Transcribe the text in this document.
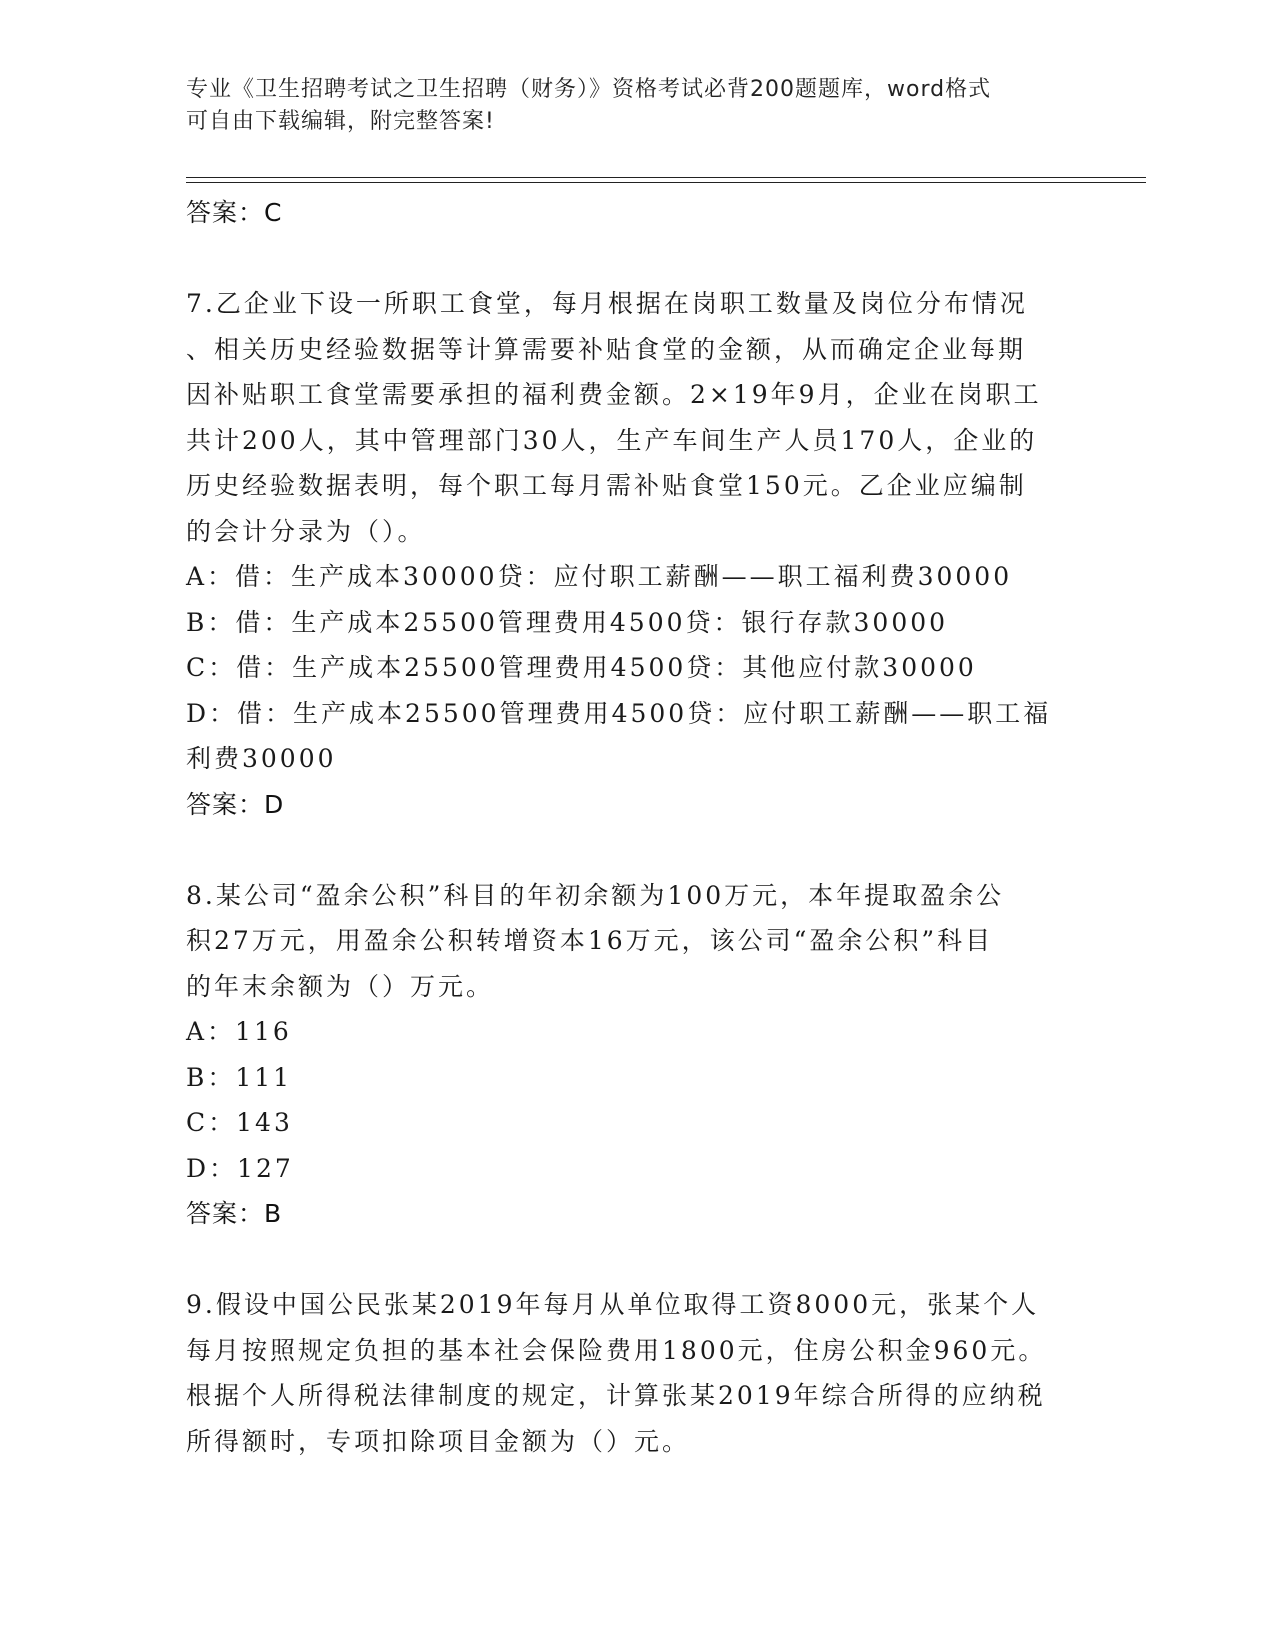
专业《卫生招聘考试之卫生招聘（财务）》资格考试必背200题题库，word格式
可自由下载编辑，附完整答案!
答案：C
7.乙企业下设一所职工食堂，每月根据在岗职工数量及岗位分布情况
、相关历史经验数据等计算需要补贴食堂的金额，从而确定企业每期
因补贴职工食堂需要承担的福利费金额。2×19年9月，企业在岗职工
共计200人，其中管理部门30人，生产车间生产人员170人，企业的
历史经验数据表明，每个职工每月需补贴食堂150元。乙企业应编制
的会计分录为（）。
A：借：生产成本30000贷：应付职工薪酬——职工福利费30000
B：借：生产成本25500管理费用4500贷：银行存款30000
C：借：生产成本25500管理费用4500贷：其他应付款30000
D：借：生产成本25500管理费用4500贷：应付职工薪酬——职工福
利费30000
答案：D
8.某公司“盈余公积”科目的年初余额为100万元，本年提取盈余公
积27万元，用盈余公积转增资本16万元，该公司“盈余公积”科目
的年末余额为（）万元。
A：116
B：111
C：143
D：127
答案：B
9.假设中国公民张某2019年每月从单位取得工资8000元，张某个人
每月按照规定负担的基本社会保险费用1800元，住房公积金960元。
根据个人所得税法律制度的规定，计算张某2019年综合所得的应纳税
所得额时，专项扣除项目金额为（）元。
